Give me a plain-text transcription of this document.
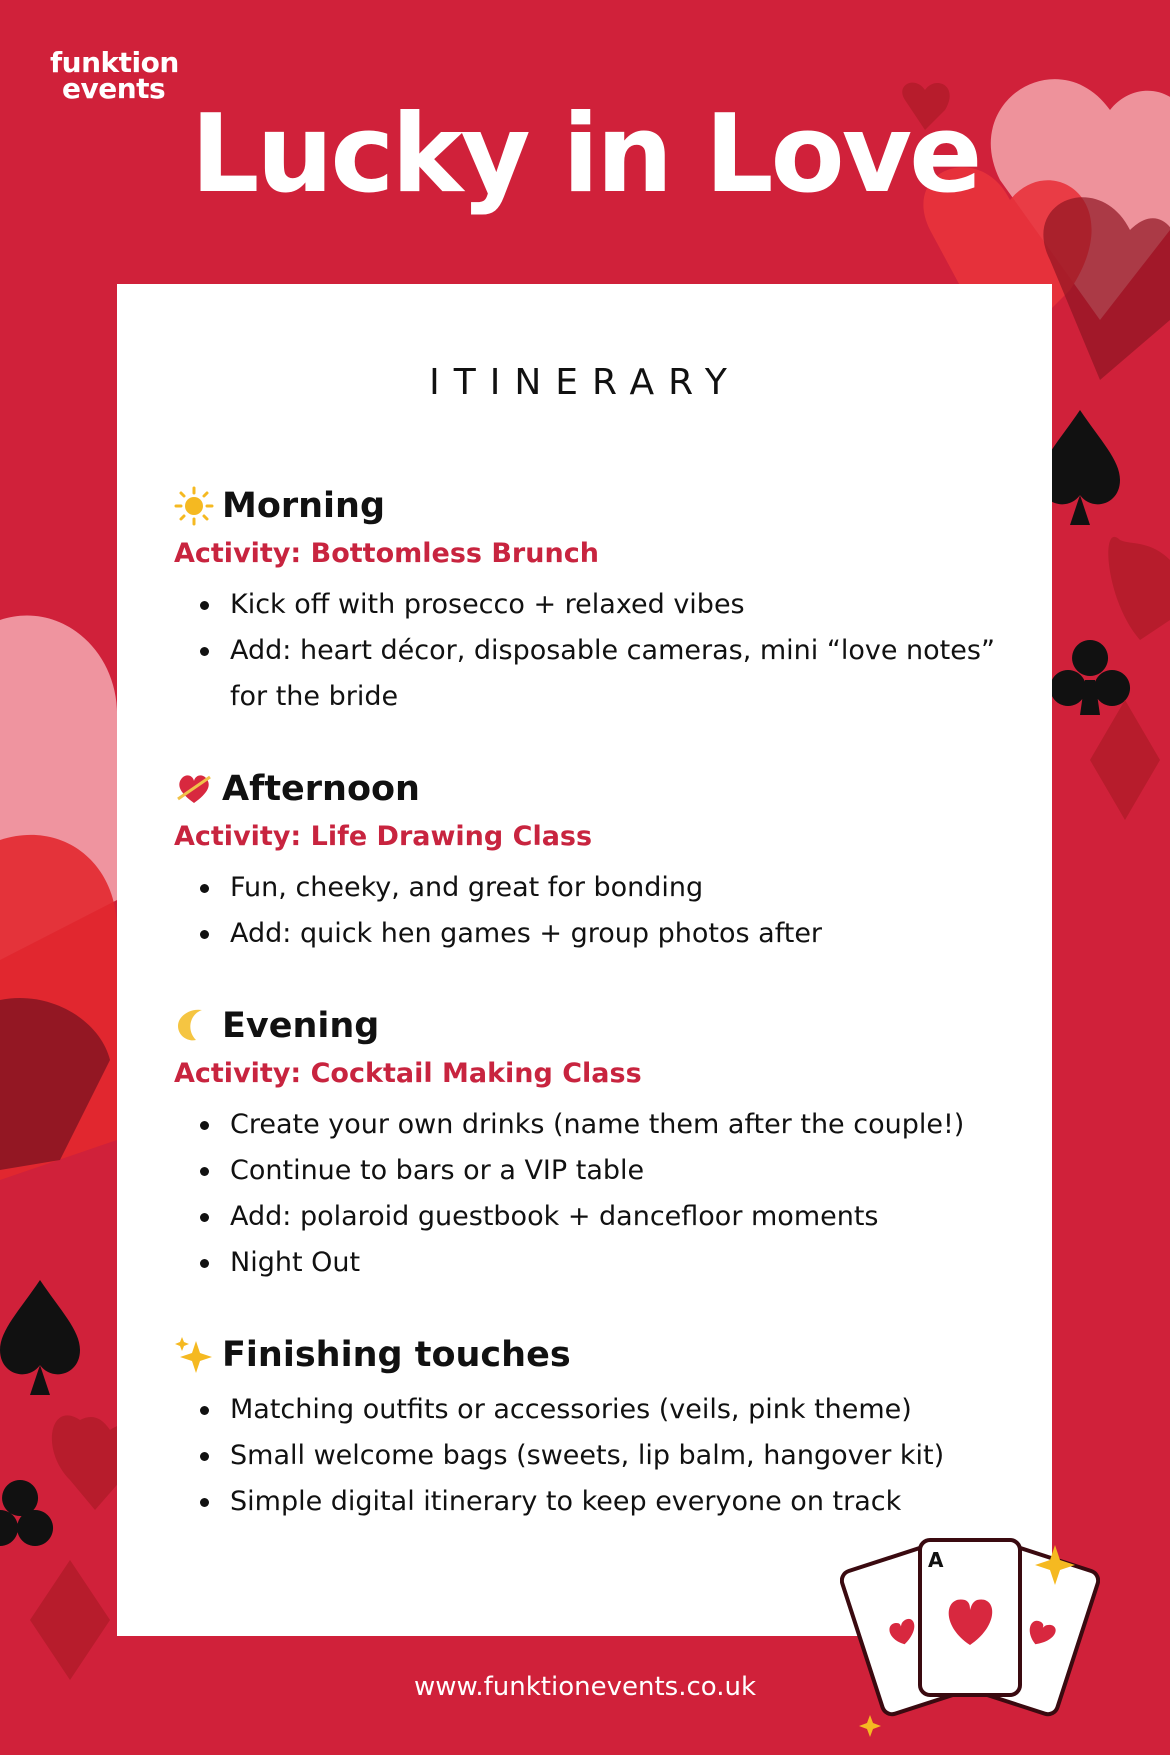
funktion
events
Lucky in Love
ITINERARY
Morning
Activity: Bottomless Brunch
Kick off with prosecco + relaxed vibes
Add: heart décor, disposable cameras, mini “love notes”
for the bride
Afternoon
Activity: Life Drawing Class
Fun, cheeky, and great for bonding
Add: quick hen games + group photos after
Evening
Activity: Cocktail Making Class
Create your own drinks (name them after the couple!)
Continue to bars or a VIP table
Add: polaroid guestbook + dancefloor moments
Night Out
Finishing touches
Matching outfits or accessories (veils, pink theme)
Small welcome bags (sweets, lip balm, hangover kit)
Simple digital itinerary to keep everyone on track
A
www.funktionevents.co.uk
